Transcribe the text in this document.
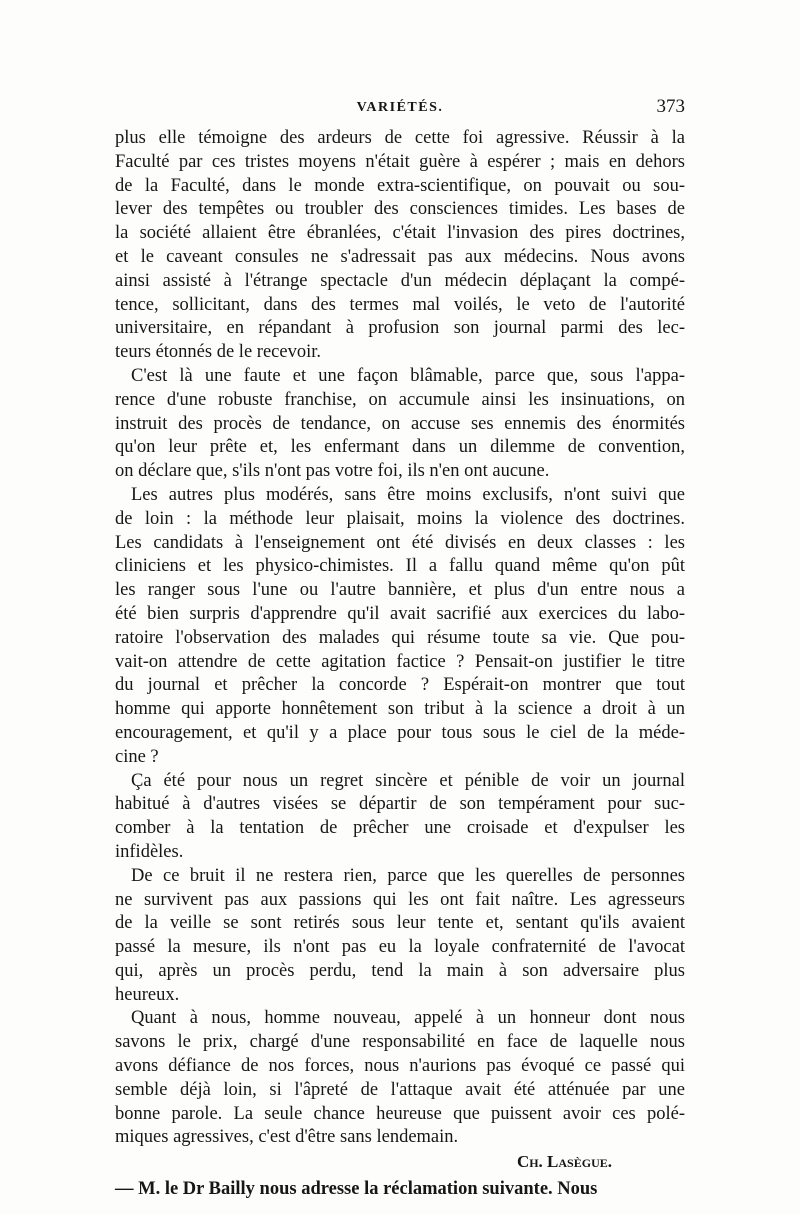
VARIÉTÉS.	373
plus elle témoigne des ardeurs de cette foi agressive. Réussir à la
Faculté par ces tristes moyens n'était guère à espérer ; mais en dehors
de la Faculté, dans le monde extra-scientifique, on pouvait ou sou-
lever des tempêtes ou troubler des consciences timides. Les bases de
la société allaient être ébranlées, c'était l'invasion des pires doctrines,
et le caveant consules ne s'adressait pas aux médecins. Nous avons
ainsi assisté à l'étrange spectacle d'un médecin déplaçant la compé-
tence, sollicitant, dans des termes mal voilés, le veto de l'autorité
universitaire, en répandant à profusion son journal parmi des lec-
teurs étonnés de le recevoir.
C'est là une faute et une façon blâmable, parce que, sous l'appa-
rence d'une robuste franchise, on accumule ainsi les insinuations, on
instruit des procès de tendance, on accuse ses ennemis des énormités
qu'on leur prête et, les enfermant dans un dilemme de convention,
on déclare que, s'ils n'ont pas votre foi, ils n'en ont aucune.
Les autres plus modérés, sans être moins exclusifs, n'ont suivi que
de loin : la méthode leur plaisait, moins la violence des doctrines.
Les candidats à l'enseignement ont été divisés en deux classes : les
cliniciens et les physico-chimistes. Il a fallu quand même qu'on pût
les ranger sous l'une ou l'autre bannière, et plus d'un entre nous a
été bien surpris d'apprendre qu'il avait sacrifié aux exercices du labo-
ratoire l'observation des malades qui résume toute sa vie. Que pou-
vait-on attendre de cette agitation factice ? Pensait-on justifier le titre
du journal et prêcher la concorde ? Espérait-on montrer que tout
homme qui apporte honnêtement son tribut à la science a droit à un
encouragement, et qu'il y a place pour tous sous le ciel de la méde-
cine ?
Ça été pour nous un regret sincère et pénible de voir un journal
habitué à d'autres visées se départir de son tempérament pour suc-
comber à la tentation de prêcher une croisade et d'expulser les
infidèles.
De ce bruit il ne restera rien, parce que les querelles de personnes
ne survivent pas aux passions qui les ont fait naître. Les agresseurs
de la veille se sont retirés sous leur tente et, sentant qu'ils avaient
passé la mesure, ils n'ont pas eu la loyale confraternité de l'avocat
qui, après un procès perdu, tend la main à son adversaire plus
heureux.
Quant à nous, homme nouveau, appelé à un honneur dont nous
savons le prix, chargé d'une responsabilité en face de laquelle nous
avons défiance de nos forces, nous n'aurions pas évoqué ce passé qui
semble déjà loin, si l'âpreté de l'attaque avait été atténuée par une
bonne parole. La seule chance heureuse que puissent avoir ces polé-
miques agressives, c'est d'être sans lendemain.
Ch. Lasègue.
— M. le Dr Bailly nous adresse la réclamation suivante. Nous
